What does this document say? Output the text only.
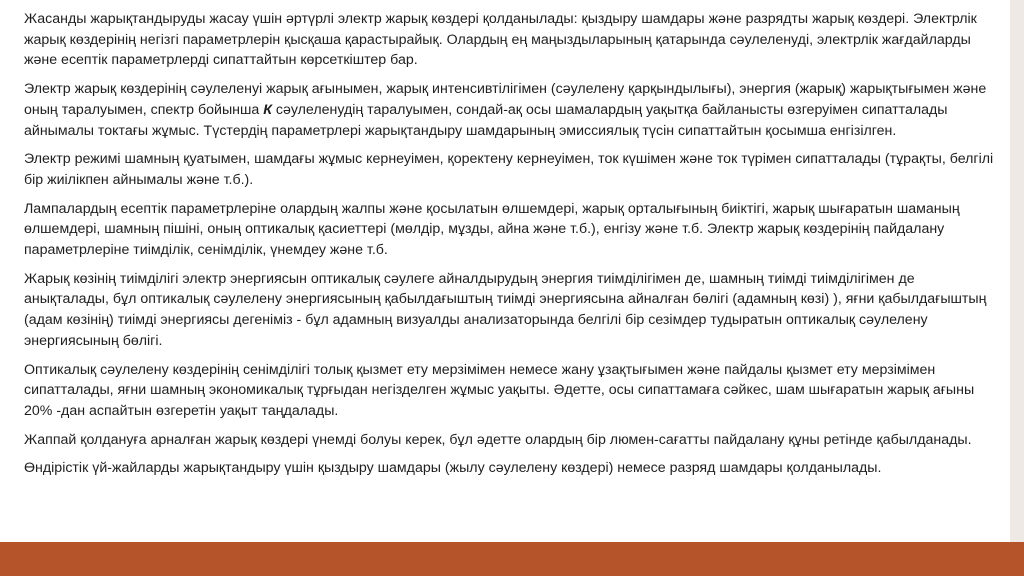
Жасанды жарықтандыруды жасау үшін әртүрлі электр жарық көздері қолданылады: қыздыру шамдары және разрядты жарық көздері. Электрлік жарық көздерінің негізгі параметрлерін қысқаша қарастырайық. Олардың ең маңыздыларының қатарында сәулеленуді, электрлік жағдайларды және есептік параметрлерді сипаттайтын көрсеткіштер бар.

Электр жарық көздерінің сәулеленуі жарық ағынымен, жарық интенсивтілігімен (сәулелену қарқындылығы), энергия (жарық) жарықтығымен және оның таралуымен, спектр бойынша К сәулеленудің таралуымен, сондай-ақ осы шамалардың уақытқа байланысты өзгеруімен сипатталады айнымалы токтағы жұмыс. Түстердің параметрлері жарықтандыру шамдарының эмиссиялық түсін сипаттайтын қосымша енгізілген.

Электр режимі шамның қуатымен, шамдағы жұмыс кернеуімен, қоректену кернеуімен, ток күшімен және ток түрімен сипатталады (тұрақты, белгілі бір жиілікпен айнымалы және т.б.).

Лампалардың есептік параметрлеріне олардың жалпы және қосылатын өлшемдері, жарық орталығының биіктігі, жарық шығаратын шаманың өлшемдері, шамның пішіні, оның оптикалық қасиеттері (мөлдір, мұзды, айна және т.б.), енгізу және т.б. Электр жарық көздерінің пайдалану параметрлеріне тиімділік, сенімділік, үнемдеу және т.б.

Жарық көзінің тиімділігі электр энергиясын оптикалық сәулеге айналдырудың энергия тиімділігімен де, шамның тиімді тиімділігімен де анықталады, бұл оптикалық сәулелену энергиясының қабылдағыштың тиімді энергиясына айналған бөлігі (адамның көзі) ), яғни қабылдағыштың (адам көзінің) тиімді энергиясы дегеніміз - бұл адамның визуалды анализаторында белгілі бір сезімдер тудыратын оптикалық сәулелену энергиясының бөлігі.

Оптикалық сәулелену көздерінің сенімділігі толық қызмет ету мерзімімен немесе жану ұзақтығымен және пайдалы қызмет ету мерзімімен сипатталады, яғни шамның экономикалық тұрғыдан негізделген жұмыс уақыты. Әдетте, осы сипаттамаға сәйкес, шам шығаратын жарық ағыны 20% -дан аспайтын өзгеретін уақыт таңдалады.

Жаппай қолдануға арналған жарық көздері үнемді болуы керек, бұл әдетте олардың бір люмен-сағатты пайдалану құны ретінде қабылданады.

Өндірістік үй-жайларды жарықтандыру үшін қыздыру шамдары (жылу сәулелену көздері) немесе разряд шамдары қолданылады.
